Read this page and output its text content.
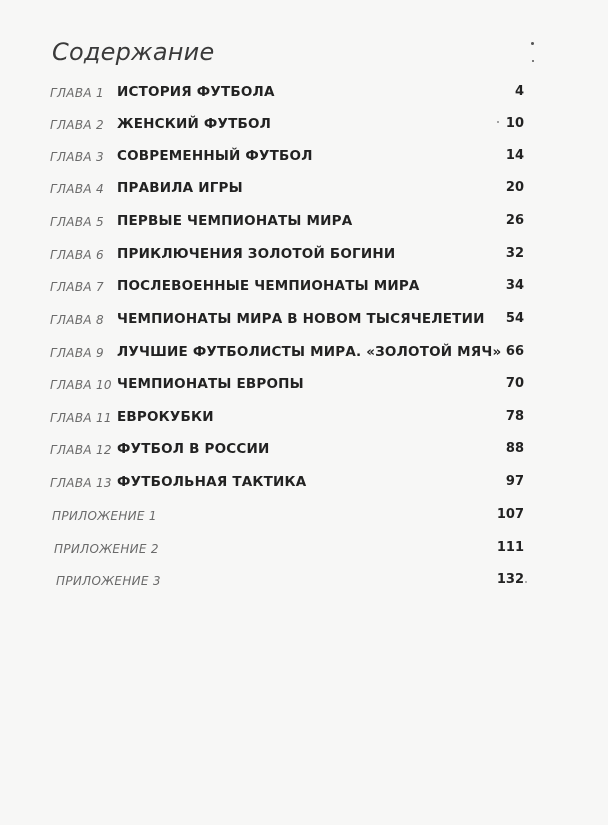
Содержание
ГЛАВА 1 ИСТОРИЯ ФУТБОЛА	4
ГЛАВА 2 ЖЕНСКИЙ ФУТБОЛ	10
ГЛАВА 3 СОВРЕМЕННЫЙ ФУТБОЛ	14
ГЛАВА 4 ПРАВИЛА ИГРЫ	20
ГЛАВА 5 ПЕРВЫЕ ЧЕМПИОНАТЫ МИРА	26
ГЛАВА 6 ПРИКЛЮЧЕНИЯ ЗОЛОТОЙ БОГИНИ	32
ГЛАВА 7 ПОСЛЕВОЕННЫЕ ЧЕМПИОНАТЫ МИРА	34
ГЛАВА 8 ЧЕМПИОНАТЫ МИРА В НОВОМ ТЫСЯЧЕЛЕТИИ 54
ГЛАВА 9 ЛУЧШИЕ ФУТБОЛИСТЫ МИРА. «ЗОЛОТОЙ МЯЧ» 66
ГЛАВА 10 ЧЕМПИОНАТЫ ЕВРОПЫ	70
ГЛАВА 11 ЕВРОКУБКИ	78
ГЛАВА 12 ФУТБОЛ В РОССИИ	88
ГЛАВА 13 ФУТБОЛЬНАЯ ТАКТИКА	97
ПРИЛОЖЕНИЕ 1	107
ПРИЛОЖЕНИЕ 2	111
ПРИЛОЖЕНИЕ 3	132
